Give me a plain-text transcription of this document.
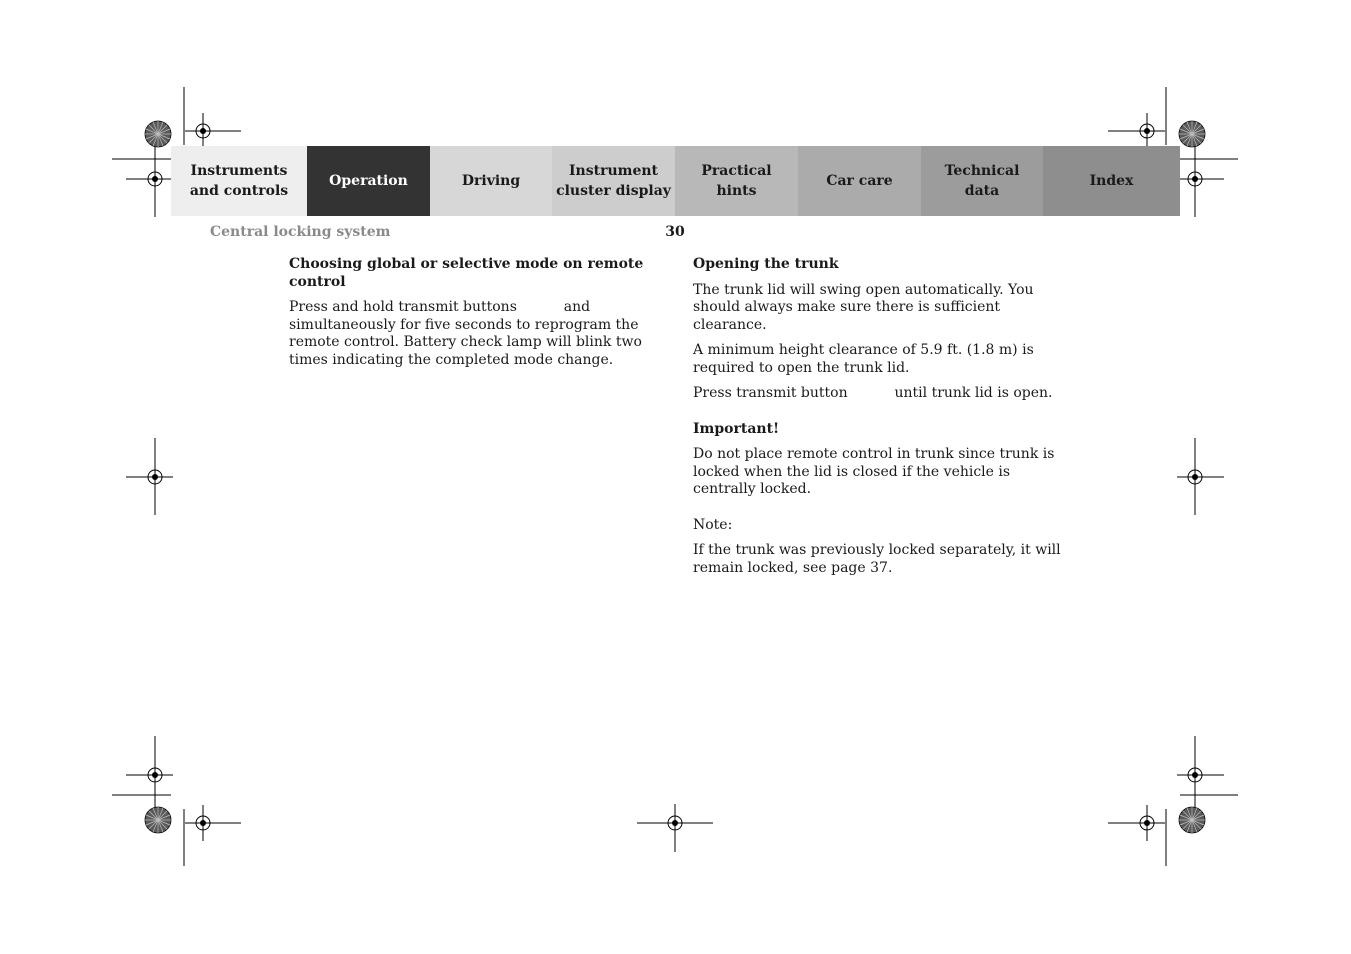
Instruments
and controls
Operation	Driving
Instrument
cluster display
Practical hints
Car care
Technical
data
Index
Central locking system	30
Choosing global or selective mode on remote control

Press and hold transmit buttons	and simultaneously for five seconds to reprogram the remote control. Battery check lamp will blink two times indicating the completed mode change.

Opening the trunk

The trunk lid will swing open automatically. You should always make sure there is sufficient clearance.

A minimum height clearance of 5.9 ft. (1.8 m) is required to open the trunk lid.

Press transmit button	until trunk lid is open.

Important!

Do not place remote control in trunk since trunk is locked when the lid is closed if the vehicle is centrally locked.

Note:

If the trunk was previously locked separately, it will remain locked, see page 37.
